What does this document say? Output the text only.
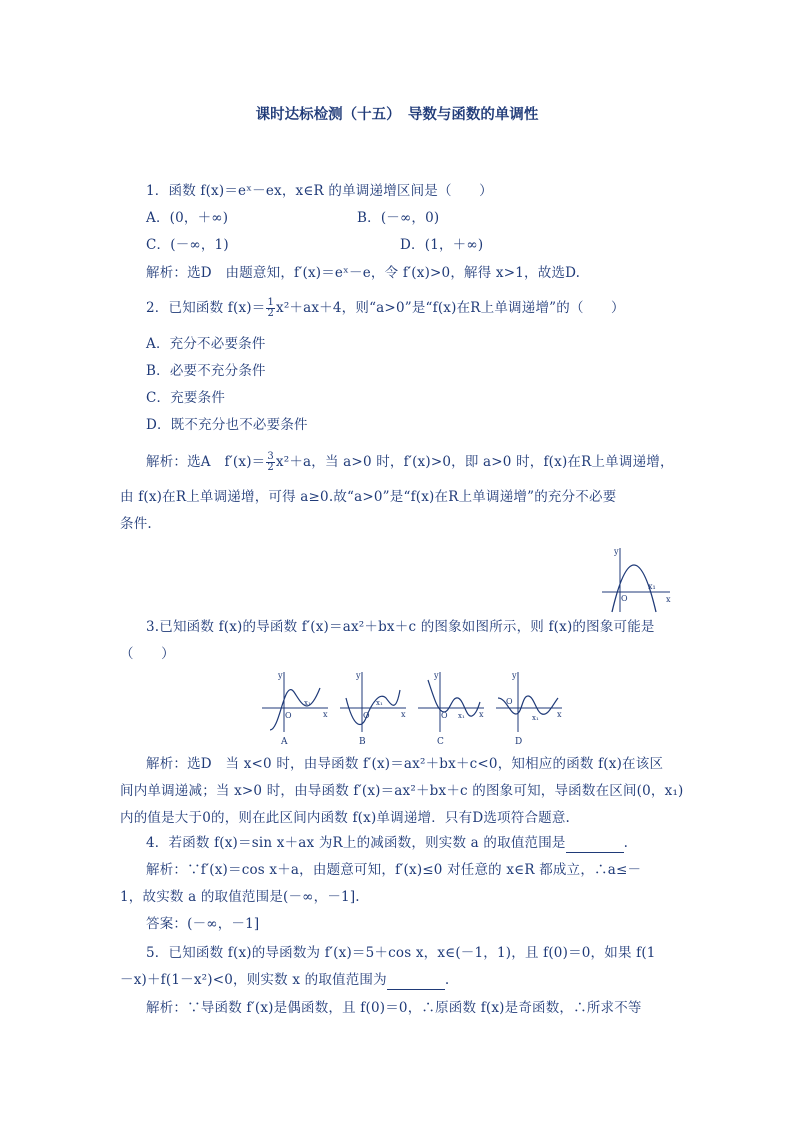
课时达标检测（十五）　导数与函数的单调性
1．函数 f(x)＝eˣ－ex，x∈R 的单调递增区间是（　　）
A．(0，＋∞)	B．(－∞，0)
C．(－∞，1)	D．(1，＋∞)
解析：选D　由题意知，f′(x)＝eˣ－e，令 f′(x)>0，解得 x>1，故选D.
2．已知函数 $f(x)= \frac{1}{2} x^2+ax+4$，则“a>0”是“f(x)在R上单调递增”的（　　）
A．充分不必要条件
B．必要不充分条件
C．充要条件
D．既不充分也不必要条件
解析：选A　$f'(x)= \frac{3}{2} x^2+a$，当 a>0 时，f′(x)>0，即 a>0 时，f(x)在R上单调递增，
由 f(x)在R上单调递增，可得 a≥0.故“a>0”是“f(x)在R上单调递增”的充分不必要
条件.
y
x
O
x₁
3.已知函数 f(x)的导函数 f′(x)＝ax²＋bx＋c 的图象如图所示，则 f(x)的图象可能是
（　　）
y
x
O
x₁
A
y
x
O
x₁
B
y
x
O x₁
C
y
x
O
x₁
D
解析：选D　当 x<0 时，由导函数 f′(x)＝ax²＋bx＋c<0，知相应的函数 f(x)在该区
间内单调递减；当 x>0 时，由导函数 f′(x)＝ax²＋bx＋c 的图象可知，导函数在区间(0，x₁)
内的值是大于0的，则在此区间内函数 f(x)单调递增．只有D选项符合题意.
4．若函数 f(x)＝sin x＋ax 为R上的减函数，则实数 a 的取值范围是	.
解析：∵f′(x)＝cos x＋a，由题意可知，f′(x)≤0 对任意的 x∈R 都成立，∴a≤－
1，故实数 a 的取值范围是(－∞，－1].
答案：(－∞，－1]
5．已知函数 f(x)的导函数为 f′(x)＝5＋cos x，x∈(－1，1)，且 f(0)＝0，如果 f(1
－x)＋f(1－x²)<0，则实数 x 的取值范围为	.
解析：∵导函数 f′(x)是偶函数，且 f(0)＝0，∴原函数 f(x)是奇函数，∴所求不等
